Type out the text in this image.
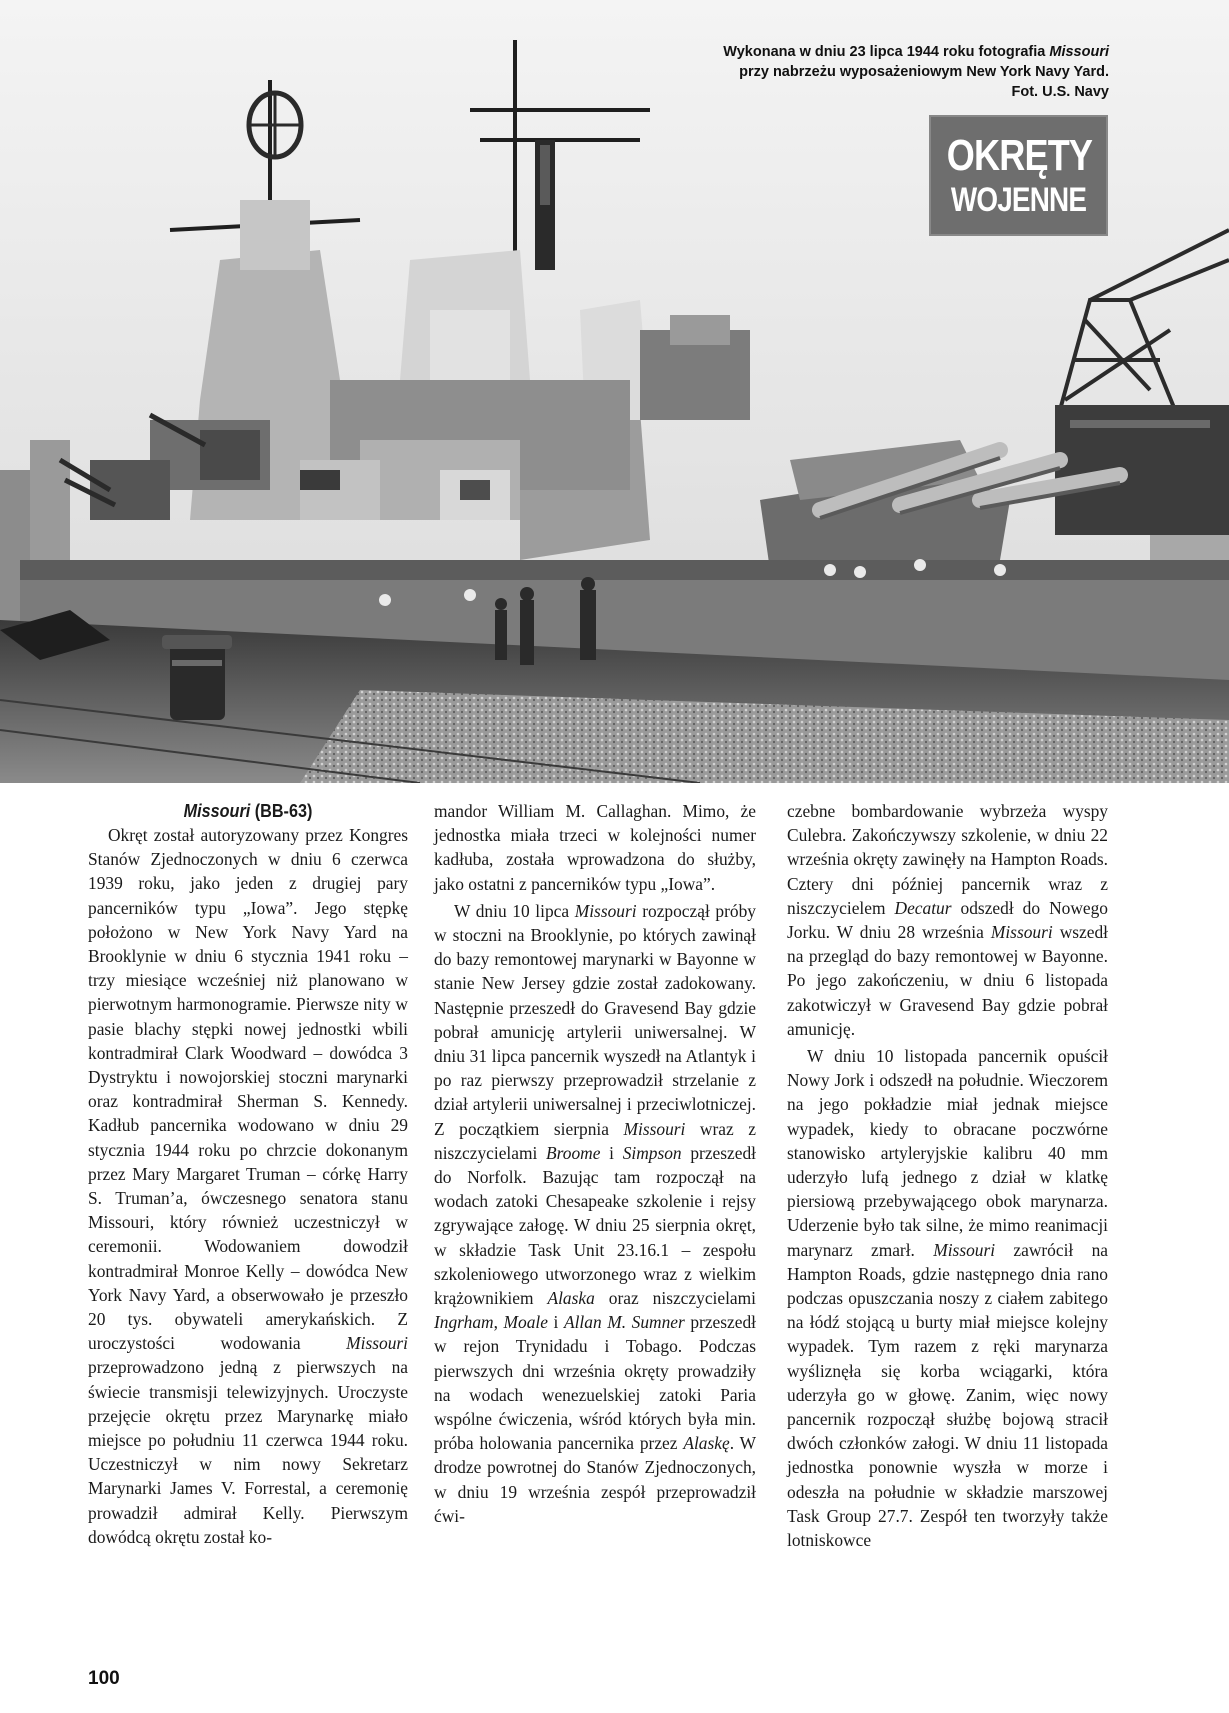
Wykonana w dniu 23 lipca 1944 roku fotografia Missouri
przy nabrzeżu wyposażeniowym New York Navy Yard.
Fot. U.S. Navy
OKRĘTY
WOJENNE
Missouri (BB-63)

Okręt został autoryzowany przez Kongres Stanów Zjednoczonych w dniu 6 czerwca 1939 roku, jako jeden z drugiej pary pancerników typu „Iowa”. Jego stępkę położono w New York Navy Yard na Brooklynie w dniu 6 stycznia 1941 roku – trzy miesiące wcześniej niż planowano w pierwotnym harmonogramie. Pierwsze nity w pasie blachy stępki nowej jednostki wbili kontradmirał Clark Woodward – dowódca 3 Dystryktu i nowojorskiej stoczni marynarki oraz kontradmirał Sherman S. Kennedy. Kadłub pancernika wodowano w dniu 29 stycznia 1944 roku po chrzcie dokonanym przez Mary Margaret Truman – córkę Harry S. Truman’a, ówczesnego senatora stanu Missouri, który również uczestniczył w ceremonii. Wodowaniem dowodził kontradmirał Monroe Kelly – dowódca New York Navy Yard, a obserwowało je przeszło 20 tys. obywateli amerykańskich. Z uroczystości wodowania Missouri przeprowadzono jedną z pierwszych na świecie transmisji telewizyjnych. Uroczyste przejęcie okrętu przez Marynarkę miało miejsce po południu 11 czerwca 1944 roku. Uczestniczył w nim nowy Sekretarz Marynarki James V. Forrestal, a ceremonię prowadził admirał Kelly. Pierwszym dowódcą okrętu został ko-

mandor William M. Callaghan. Mimo, że jednostka miała trzeci w kolejności numer kadłuba, została wprowadzona do służby, jako ostatni z pancerników typu „Iowa”.

W dniu 10 lipca Missouri rozpoczął próby w stoczni na Brooklynie, po których zawinął do bazy remontowej marynarki w Bayonne w stanie New Jersey gdzie został zadokowany. Następnie przeszedł do Gravesend Bay gdzie pobrał amunicję artylerii uniwersalnej. W dniu 31 lipca pancernik wyszedł na Atlantyk i po raz pierwszy przeprowadził strzelanie z dział artylerii uniwersalnej i przeciwlotniczej. Z początkiem sierpnia Missouri wraz z niszczycielami Broome i Simpson przeszedł do Norfolk. Bazując tam rozpoczął na wodach zatoki Chesapeake szkolenie i rejsy zgrywające załogę. W dniu 25 sierpnia okręt, w składzie Task Unit 23.16.1 – zespołu szkoleniowego utworzonego wraz z wielkim krążownikiem Alaska oraz niszczycielami Ingrham, Moale i Allan M. Sumner przeszedł w rejon Trynidadu i Tobago. Podczas pierwszych dni września okręty prowadziły na wodach wenezuelskiej zatoki Paria wspólne ćwiczenia, wśród których była min. próba holowania pancernika przez Alaskę. W drodze powrotnej do Stanów Zjednoczonych, w dniu 19 września zespół przeprowadził ćwi-

czebne bombardowanie wybrzeża wyspy Culebra. Zakończywszy szkolenie, w dniu 22 września okręty zawinęły na Hampton Roads. Cztery dni później pancernik wraz z niszczycielem Decatur odszedł do Nowego Jorku. W dniu 28 września Missouri wszedł na przegląd do bazy remontowej w Bayonne. Po jego zakończeniu, w dniu 6 listopada zakotwiczył w Gravesend Bay gdzie pobrał amunicję.

W dniu 10 listopada pancernik opuścił Nowy Jork i odszedł na południe. Wieczorem na jego pokładzie miał jednak miejsce wypadek, kiedy to obracane poczwórne stanowisko artyleryjskie kalibru 40 mm uderzyło lufą jednego z dział w klatkę piersiową przebywającego obok marynarza. Uderzenie było tak silne, że mimo reanimacji marynarz zmarł. Missouri zawrócił na Hampton Roads, gdzie następnego dnia rano podczas opuszczania noszy z ciałem zabitego na łódź stojącą u burty miał miejsce kolejny wypadek. Tym razem z ręki marynarza wyśliznęła się korba wciągarki, która uderzyła go w głowę. Zanim, więc nowy pancernik rozpoczął służbę bojową stracił dwóch członków załogi. W dniu 11 listopada jednostka ponownie wyszła w morze i odeszła na południe w składzie marszowej Task Group 27.7. Zespół ten tworzyły także lotniskowce

100
